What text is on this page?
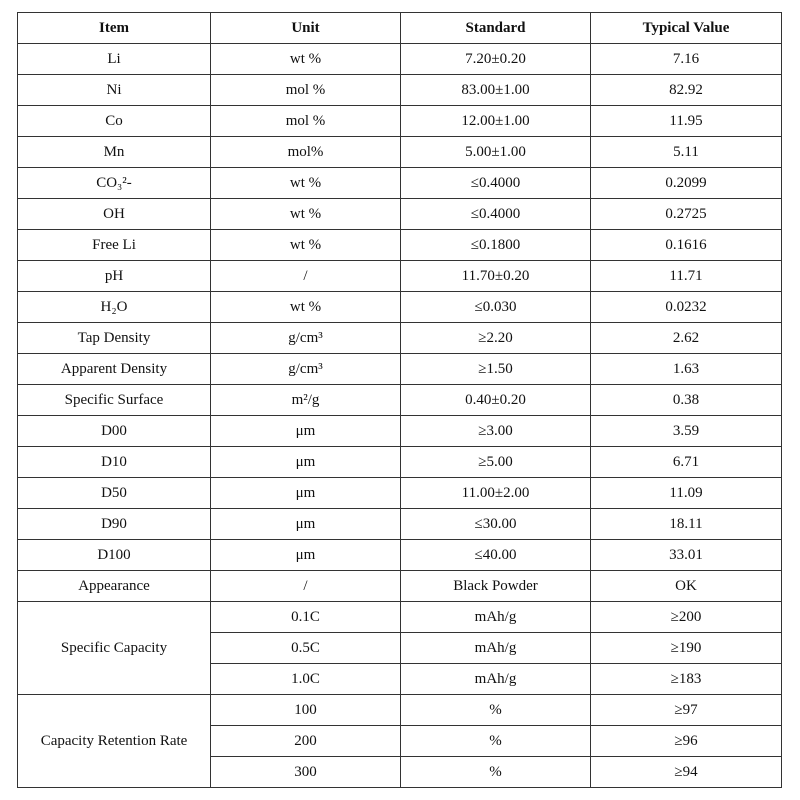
Item	Unit	Standard	Typical Value
Li	wt %	7.20±0.20	7.16
Ni	mol %	83.00±1.00	82.92
Co	mol %	12.00±1.00	11.95
Mn	mol%	5.00±1.00	5.11
CO₃²-	wt %	≤0.4000	0.2099
OH	wt %	≤0.4000	0.2725
Free Li	wt %	≤0.1800	0.1616
pH	/	11.70±0.20	11.71
H₂O	wt %	≤0.030	0.0232
Tap Density	g/cm³	≥2.20	2.62
Apparent Density	g/cm³	≥1.50	1.63
Specific Surface	m²/g	0.40±0.20	0.38
D00	μm	≥3.00	3.59
D10	μm	≥5.00	6.71
D50	μm	11.00±2.00	11.09
D90	μm	≤30.00	18.11
D100	μm	≤40.00	33.01
Appearance	/	Black Powder	OK
Specific Capacity	0.1C	mAh/g	≥200
	0.5C	mAh/g	≥190
	1.0C	mAh/g	≥183
Capacity Retention Rate	100	%	≥97
	200	%	≥96
	300	%	≥94
